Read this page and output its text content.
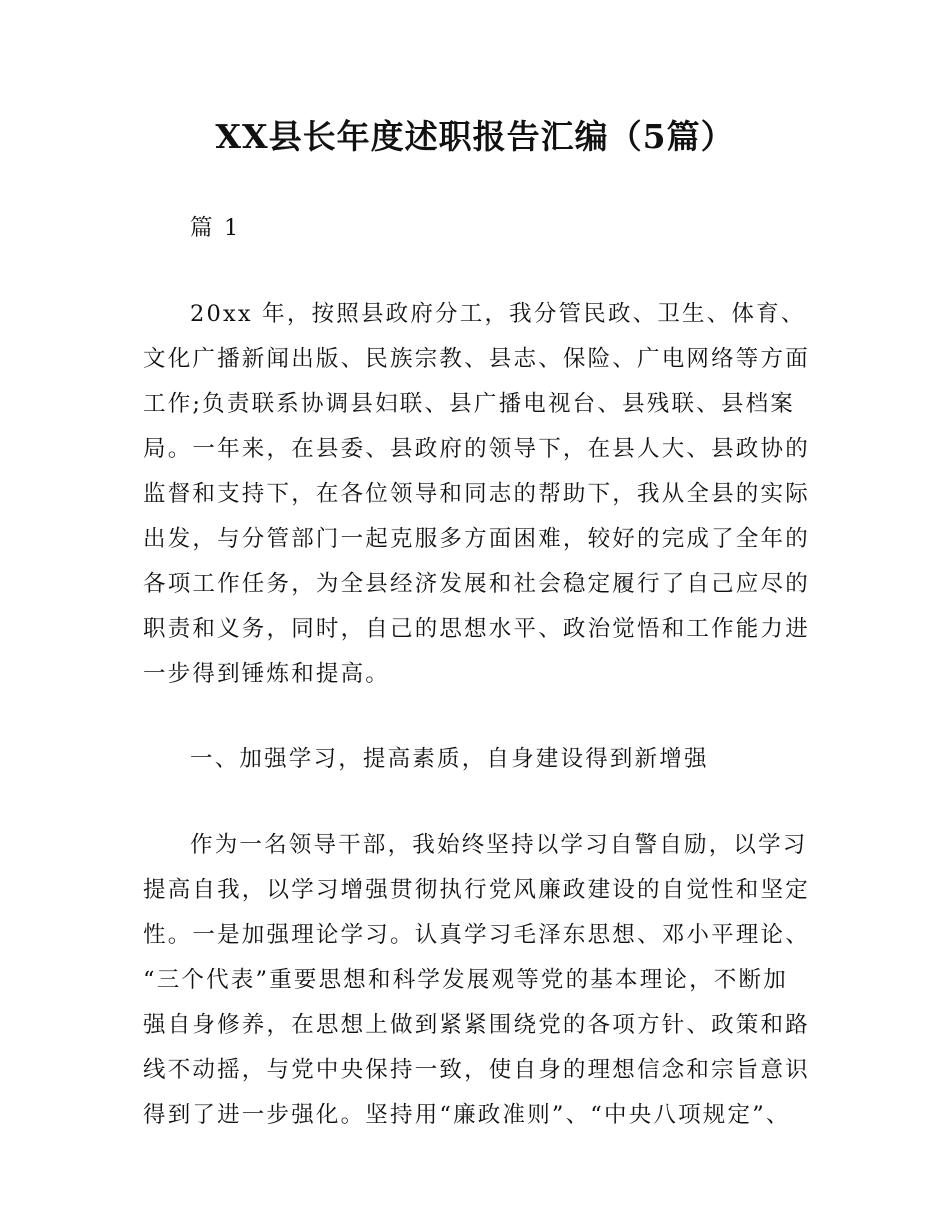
XX县长年度述职报告汇编（5篇）

篇 1

20xx 年，按照县政府分工，我分管民政、卫生、体育、

文化广播新闻出版、民族宗教、县志、保险、广电网络等方面

工作;负责联系协调县妇联、县广播电视台、县残联、县档案

局。一年来，在县委、县政府的领导下，在县人大、县政协的

监督和支持下，在各位领导和同志的帮助下，我从全县的实际

出发，与分管部门一起克服多方面困难，较好的完成了全年的

各项工作任务，为全县经济发展和社会稳定履行了自己应尽的

职责和义务，同时，自己的思想水平、政治觉悟和工作能力进

一步得到锤炼和提高。

一、加强学习，提高素质，自身建设得到新增强

作为一名领导干部，我始终坚持以学习自警自励，以学习

提高自我，以学习增强贯彻执行党风廉政建设的自觉性和坚定

性。一是加强理论学习。认真学习毛泽东思想、邓小平理论、

“三个代表”重要思想和科学发展观等党的基本理论，不断加

强自身修养，在思想上做到紧紧围绕党的各项方针、政策和路

线不动摇，与党中央保持一致，使自身的理想信念和宗旨意识

得到了进一步强化。坚持用“廉政准则”、“中央八项规定”、
